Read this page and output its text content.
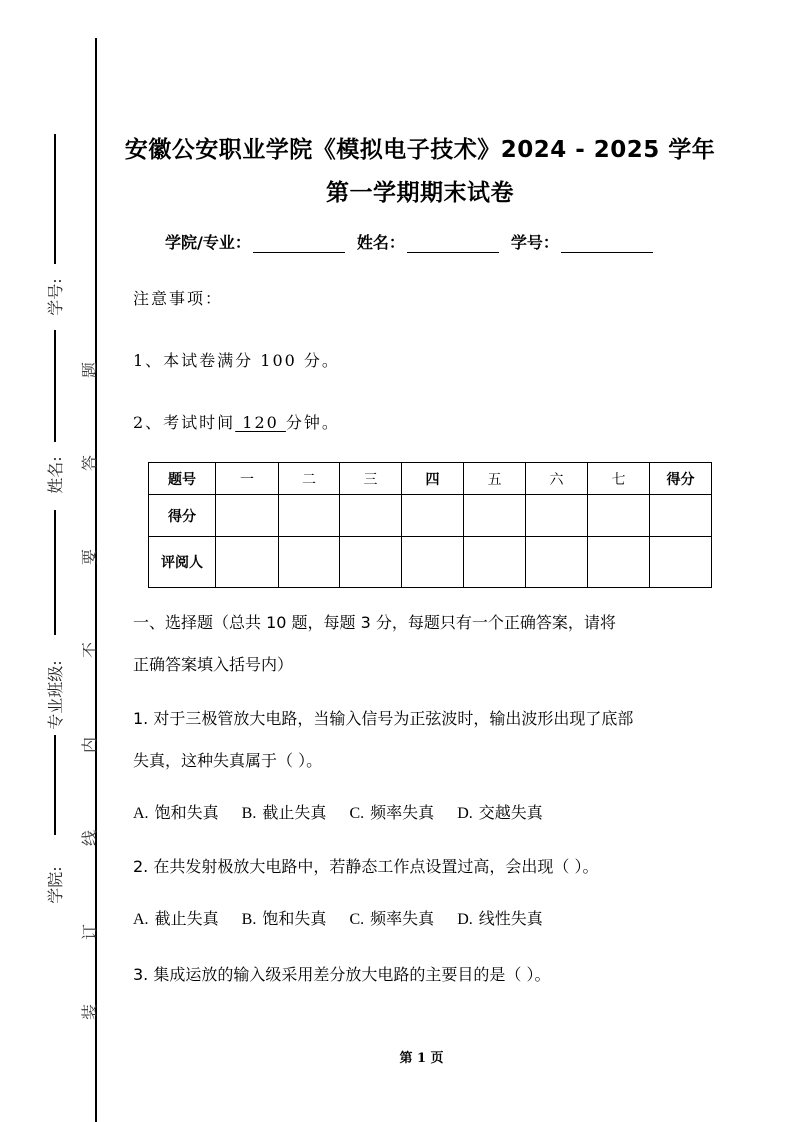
学号:
姓名:
专业班级:
学院:
题
答
要
不
内
线
订
装
安徽公安职业学院《模拟电子技术》2024 - 2025 学年
第一学期期末试卷
学院/专业：	姓名：	学号：
注意事项：
1、本试卷满分 100 分。
2、考试时间 120 分钟。
题号	一	二	三	四	五	六	七	得分
得分								
评阅人								
一、选择题（总共 10 题，每题 3 分，每题只有一个正确答案，请将
正确答案填入括号内）
1. 对于三极管放大电路，当输入信号为正弦波时，输出波形出现了底部
失真，这种失真属于（ ）。
A. 饱和失真 B. 截止失真 C. 频率失真 D. 交越失真
2. 在共发射极放大电路中，若静态工作点设置过高，会出现（ ）。
A. 截止失真 B. 饱和失真 C. 频率失真 D. 线性失真
3. 集成运放的输入级采用差分放大电路的主要目的是（ ）。
第 1 页
